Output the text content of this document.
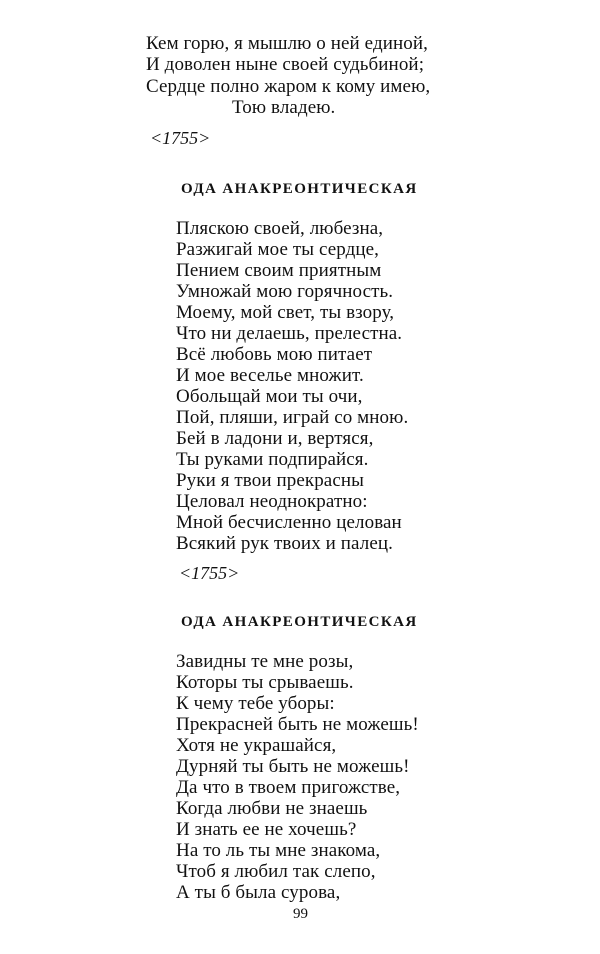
Кем горю, я мышлю о ней единой,
И доволен ныне своей судьбиной;
Сердце полно жаром к кому имею,
Тою владею.
<1755>
ОДА АНАКРЕОНТИЧЕСКАЯ
Пляскою своей, любезна,
Разжигай мое ты сердце,
Пением своим приятным
Умножай мою горячность.
Моему, мой свет, ты взору,
Что ни делаешь, прелестна.
Всё любовь мою питает
И мое веселье множит.
Обольщай мои ты очи,
Пой, пляши, играй со мною.
Бей в ладони и, вертяся,
Ты руками подпирайся.
Руки я твои прекрасны
Целовал неоднократно:
Мной бесчисленно целован
Всякий рук твоих и палец.
<1755>
ОДА АНАКРЕОНТИЧЕСКАЯ
Завидны те мне розы,
Которы ты срываешь.
К чему тебе уборы:
Прекрасней быть не можешь!
Хотя не украшайся,
Дурняй ты быть не можешь!
Да что в твоем пригожстве,
Когда любви не знаешь
И знать ее не хочешь?
На то ль ты мне знакома,
Чтоб я любил так слепо,
А ты б была сурова,
99
